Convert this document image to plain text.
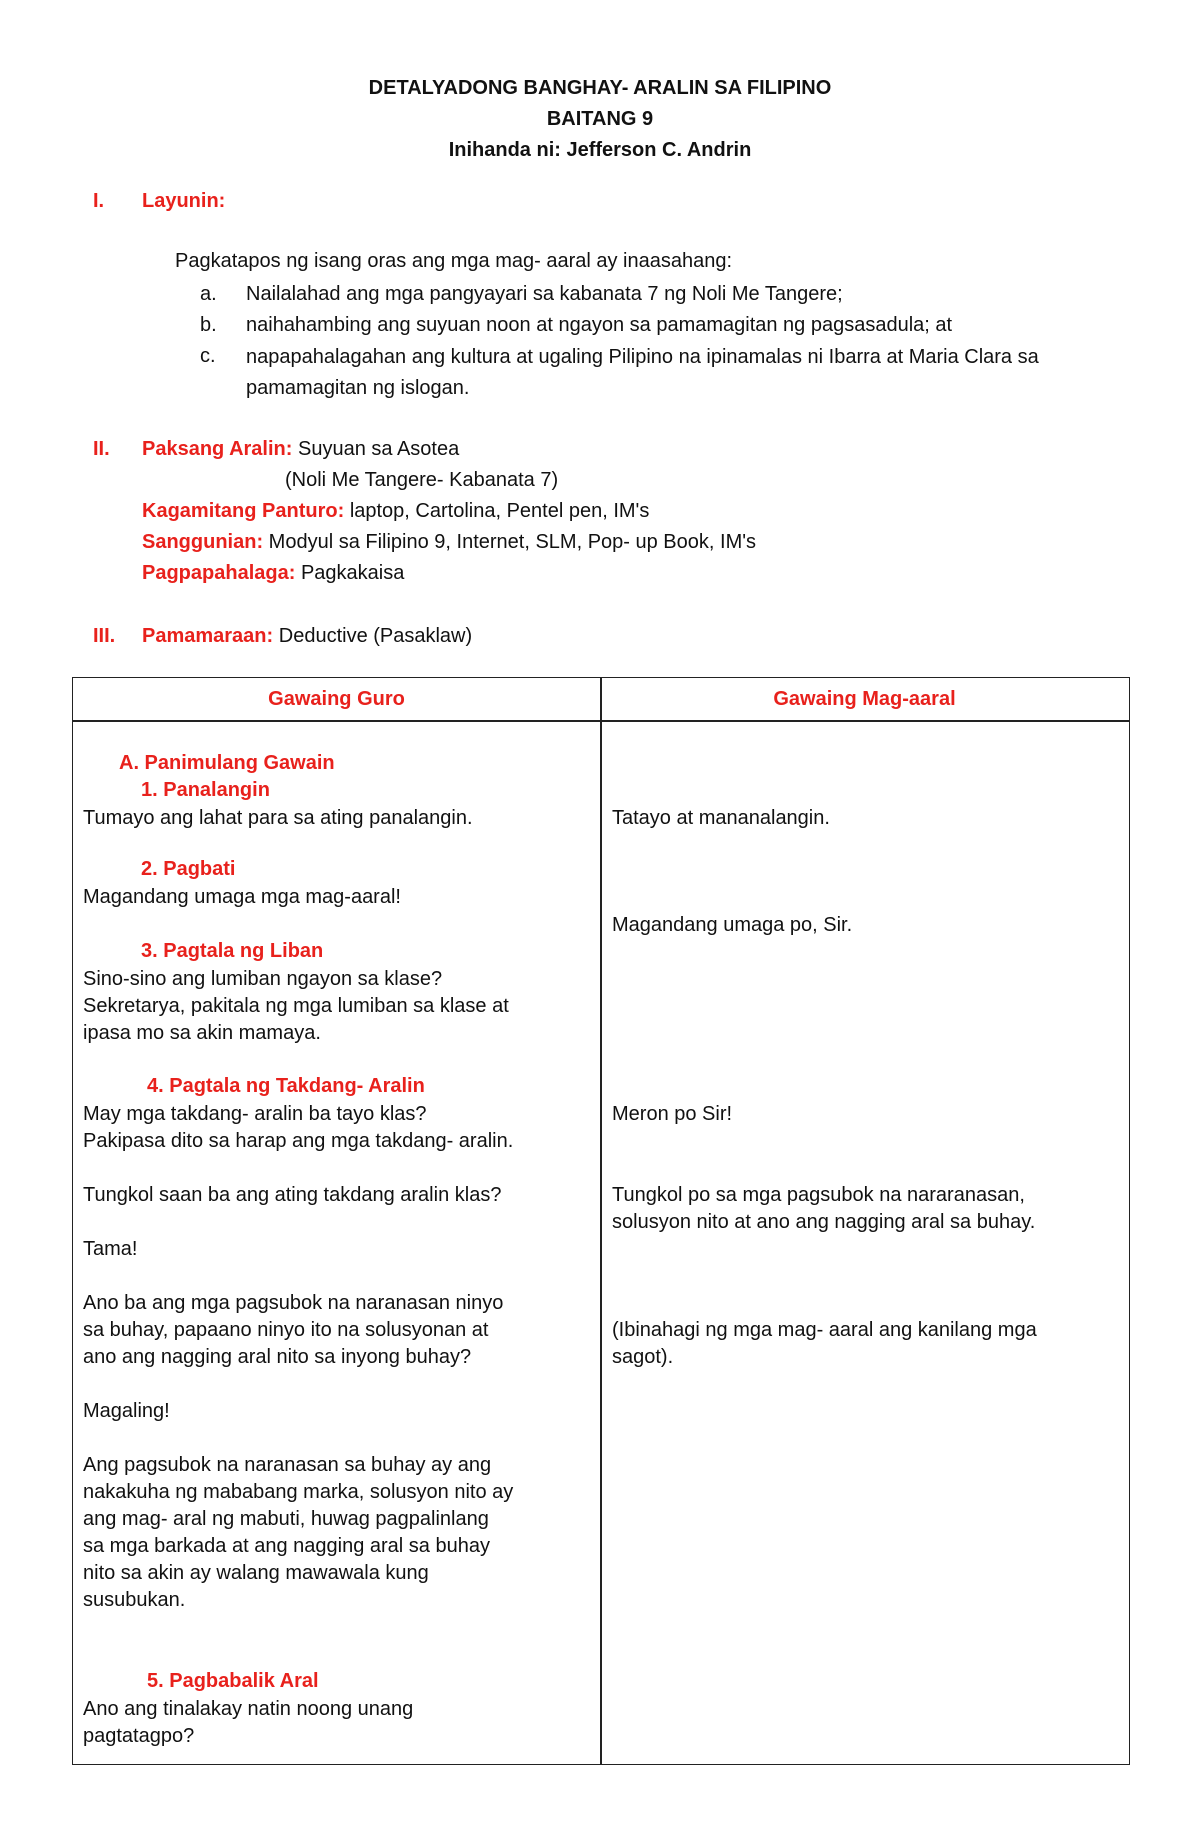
DETALYADONG BANGHAY- ARALIN SA FILIPINO
BAITANG 9
Inihanda ni: Jefferson C. Andrin
I. Layunin:
Pagkatapos ng isang oras ang mga mag- aaral ay inaasahang:
a. Nailalahad ang mga pangyayari sa kabanata 7 ng Noli Me Tangere;
b. naihahambing ang suyuan noon at ngayon sa pamamagitan ng pagsasadula; at
c. napapahalagahan ang kultura at ugaling Pilipino na ipinamalas ni Ibarra at Maria Clara sa pamamagitan ng islogan.
II. Paksang Aralin: Suyuan sa Asotea
(Noli Me Tangere- Kabanata 7)
Kagamitang Panturo: laptop, Cartolina, Pentel pen, IM's
Sanggunian: Modyul sa Filipino 9, Internet, SLM, Pop- up Book, IM's
Pagpapahalaga: Pagkakaisa
III. Pamamaraan: Deductive (Pasaklaw)
Gawaing Guro	Gawaing Mag-aaral
A. Panimulang Gawain
1. Panalangin
Tumayo ang lahat para sa ating panalangin.
2. Pagbati
Magandang umaga mga mag-aaral!
3. Pagtala ng Liban
Sino-sino ang lumiban ngayon sa klase?
Sekretarya, pakitala ng mga lumiban sa klase at
ipasa mo sa akin mamaya.
4. Pagtala ng Takdang- Aralin
May mga takdang- aralin ba tayo klas?
Pakipasa dito sa harap ang mga takdang- aralin.
Tungkol saan ba ang ating takdang aralin klas?
Tama!
Ano ba ang mga pagsubok na naranasan ninyo
sa buhay, papaano ninyo ito na solusyonan at
ano ang nagging aral nito sa inyong buhay?
Magaling!
Ang pagsubok na naranasan sa buhay ay ang
nakakuha ng mababang marka, solusyon nito ay
ang mag- aral ng mabuti, huwag pagpalinlang
sa mga barkada at ang nagging aral sa buhay
nito sa akin ay walang mawawala kung
susubukan.
5. Pagbabalik Aral
Ano ang tinalakay natin noong unang
pagtatagpo?
Tatayo at mananalangin.
Magandang umaga po, Sir.
Meron po Sir!
Tungkol po sa mga pagsubok na nararanasan,
solusyon nito at ano ang nagging aral sa buhay.
(Ibinahagi ng mga mag- aaral ang kanilang mga
sagot).
